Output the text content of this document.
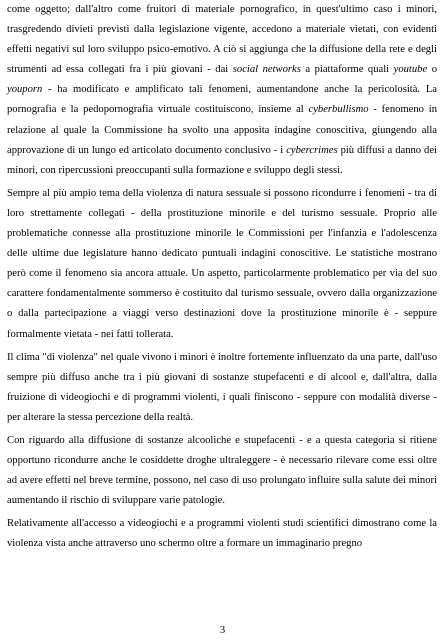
come oggetto; dall'altro come fruitori di materiale pornografico, in quest'ultimo caso i minori, trasgredendo divieti previsti dalla legislazione vigente, accedono a materiale vietati, con evidenti effetti negativi sul loro sviluppo psico-emotivo. A ciò si aggiunga che la diffusione della rete e degli strumenti ad essa collegati fra i più giovani - dai social networks a piattaforme quali youtube o youporn - ha modificato e amplificato tali fenomeni, aumentandone anche la pericolosità. La pornografia e la pedopornografia virtuale costituiscono, insieme al cyberbullismo - fenomeno in relazione al quale la Commissione ha svolto una apposita indagine conoscitiva, giungendo alla approvazione di un lungo ed articolato documento conclusivo - i cybercrimes più diffusi a danno dei minori, con ripercussioni preoccupanti sulla formazione e sviluppo degli stessi.

Sempre al più ampio tema della violenza di natura sessuale si possono ricondurre i fenomeni - tra di loro strettamente collegati - della prostituzione minorile e del turismo sessuale. Proprio alle problematiche connesse alla prostituzione minorile le Commissioni per l'infanzia e l'adolescenza delle ultime due legislature hanno dedicato puntuali indagini conoscitive. Le statistiche mostrano però come il fenomeno sia ancora attuale. Un aspetto, particolarmente problematico per via del suo carattere fondamentalmente sommerso è costituito dal turismo sessuale, ovvero dalla organizzazione o dalla partecipazione a viaggi verso destinazioni dove la prostituzione minorile è - seppure formalmente vietata - nei fatti tollerata.

Il clima "di violenza" nel quale vivono i minori è inoltre fortemente influenzato da una parte, dall'uso sempre più diffuso anche tra i più giovani di sostanze stupefacenti e di alcool e, dall'altra, dalla fruizione di videogiochi e di programmi violenti, i quali finiscono - seppure con modalità diverse - per alterare la stessa percezione della realtà.

Con riguardo alla diffusione di sostanze alcooliche e stupefacenti - e a questa categoria si ritiene opportuno ricondurre anche le cosiddette droghe ultraleggere - è necessario rilevare come essi oltre ad avere effetti nel breve termine, possono, nel caso di uso prolungato influire sulla salute dei minori aumentando il rischio di sviluppare varie patologie.

Relativamente all'accesso a videogiochi e a programmi violenti studi scientifici dimostrano come la violenza vista anche attraverso uno schermo oltre a formare un immaginario pregno

3
